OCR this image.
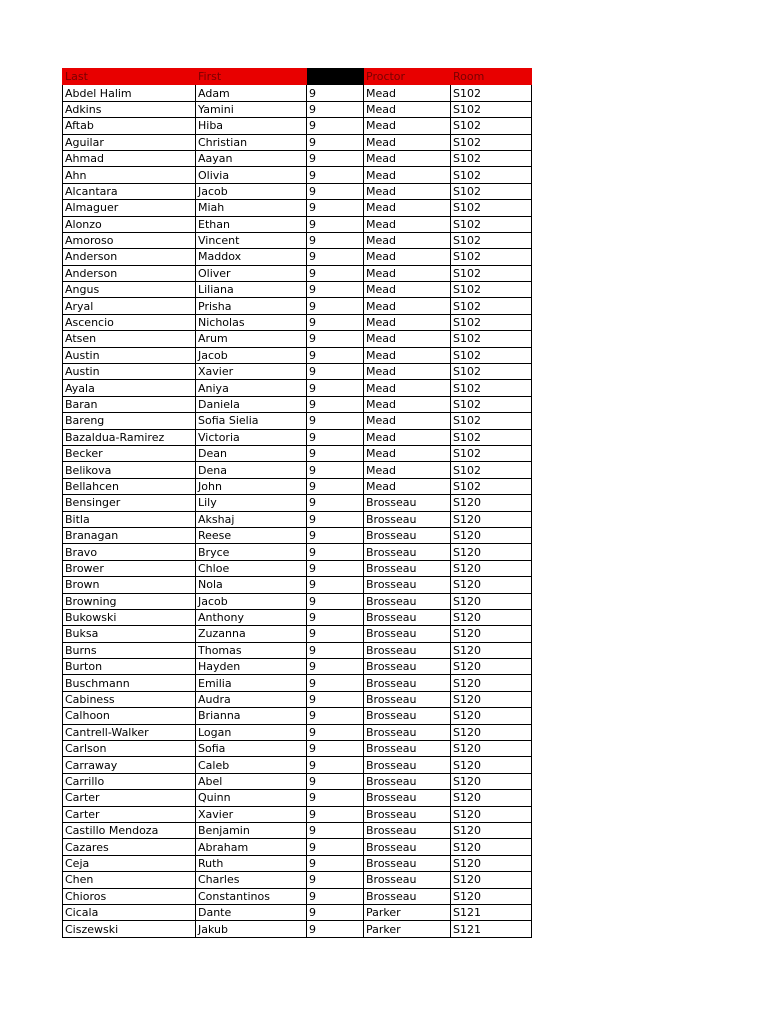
Last	First		Proctor	Room
Abdel Halim	Adam	9	Mead	S102
Adkins	Yamini	9	Mead	S102
Aftab	Hiba	9	Mead	S102
Aguilar	Christian	9	Mead	S102
Ahmad	Aayan	9	Mead	S102
Ahn	Olivia	9	Mead	S102
Alcantara	Jacob	9	Mead	S102
Almaguer	Miah	9	Mead	S102
Alonzo	Ethan	9	Mead	S102
Amoroso	Vincent	9	Mead	S102
Anderson	Maddox	9	Mead	S102
Anderson	Oliver	9	Mead	S102
Angus	Liliana	9	Mead	S102
Aryal	Prisha	9	Mead	S102
Ascencio	Nicholas	9	Mead	S102
Atsen	Arum	9	Mead	S102
Austin	Jacob	9	Mead	S102
Austin	Xavier	9	Mead	S102
Ayala	Aniya	9	Mead	S102
Baran	Daniela	9	Mead	S102
Bareng	Sofia Sielia	9	Mead	S102
Bazaldua-Ramirez	Victoria	9	Mead	S102
Becker	Dean	9	Mead	S102
Belikova	Dena	9	Mead	S102
Bellahcen	John	9	Mead	S102
Bensinger	Lily	9	Brosseau	S120
Bitla	Akshaj	9	Brosseau	S120
Branagan	Reese	9	Brosseau	S120
Bravo	Bryce	9	Brosseau	S120
Brower	Chloe	9	Brosseau	S120
Brown	Nola	9	Brosseau	S120
Browning	Jacob	9	Brosseau	S120
Bukowski	Anthony	9	Brosseau	S120
Buksa	Zuzanna	9	Brosseau	S120
Burns	Thomas	9	Brosseau	S120
Burton	Hayden	9	Brosseau	S120
Buschmann	Emilia	9	Brosseau	S120
Cabiness	Audra	9	Brosseau	S120
Calhoon	Brianna	9	Brosseau	S120
Cantrell-Walker	Logan	9	Brosseau	S120
Carlson	Sofia	9	Brosseau	S120
Carraway	Caleb	9	Brosseau	S120
Carrillo	Abel	9	Brosseau	S120
Carter	Quinn	9	Brosseau	S120
Carter	Xavier	9	Brosseau	S120
Castillo Mendoza	Benjamin	9	Brosseau	S120
Cazares	Abraham	9	Brosseau	S120
Ceja	Ruth	9	Brosseau	S120
Chen	Charles	9	Brosseau	S120
Chioros	Constantinos	9	Brosseau	S120
Cicala	Dante	9	Parker	S121
Ciszewski	Jakub	9	Parker	S121
